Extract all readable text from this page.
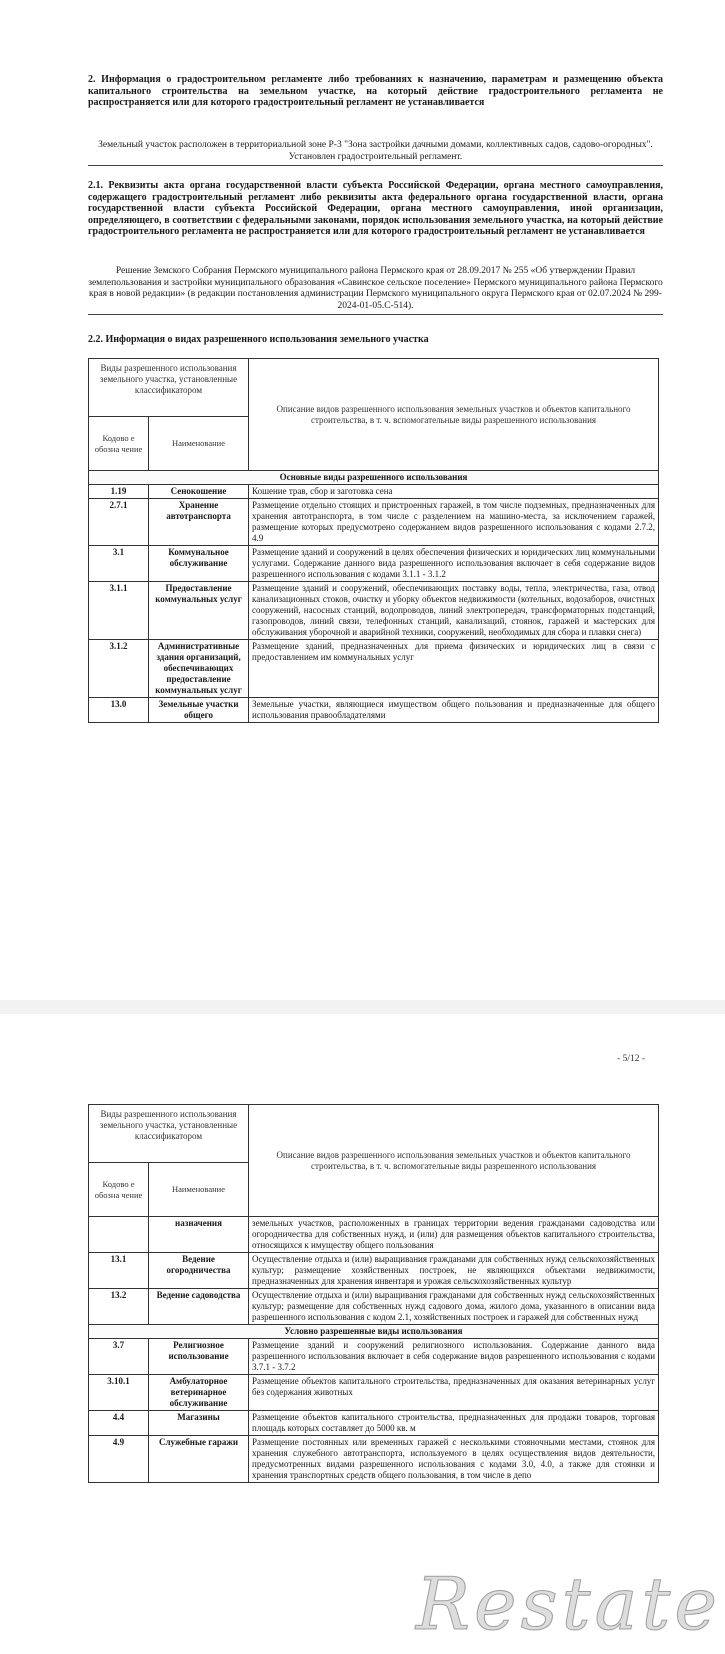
2. Информация о градостроительном регламенте либо требованиях к назначению, параметрам и размещению объекта капитального строительства на земельном участке, на который действие градостроительного регламента не распространяется или для которого градостроительный регламент не устанавливается
Земельный участок расположен в территориальной зоне Р-3 "Зона застройки дачными домами, коллективных садов, садово-огородных". Установлен градостроительный регламент.
2.1. Реквизиты акта органа государственной власти субъекта Российской Федерации, органа местного самоуправления, содержащего градостроительный регламент либо реквизиты акта федерального органа государственной власти, органа государственной власти субъекта Российской Федерации, органа местного самоуправления, иной организации, определяющего, в соответствии с федеральными законами, порядок использования земельного участка, на который действие градостроительного регламента не распространяется или для которого градостроительный регламент не устанавливается
Решение Земского Собрания Пермского муниципального района Пермского края от 28.09.2017 № 255 «Об утверждении Правил землепользования и застройки муниципального образования «Савинское сельское поселение» Пермского муниципального района Пермского края в новой редакции» (в редакции постановления администрации Пермского муниципального округа Пермского края от 02.07.2024 № 299-2024-01-05.С-514).
2.2. Информация о видах разрешенного использования земельного участка
Виды разрешенного использования земельного участка, установленные классификатором		Описание видов разрешенного использования земельных участков и объектов капитального строительства, в т. ч. вспомогательные виды разрешенного использования
Кодово е обозна чение	Наименование	
Основные виды разрешенного использования		
1.19	Сенокошение	Кошение трав, сбор и заготовка сена
2.7.1	Хранение автотранспорта	Размещение отдельно стоящих и пристроенных гаражей, в том числе подземных, предназначенных для хранения автотранспорта, в том числе с разделением на машино-места, за исключением гаражей, размещение которых предусмотрено содержанием видов разрешенного использования с кодами 2.7.2, 4.9
3.1	Коммунальное обслуживание	Размещение зданий и сооружений в целях обеспечения физических и юридических лиц коммунальными услугами. Содержание данного вида разрешенного использования включает в себя содержание видов разрешенного использования с кодами 3.1.1 - 3.1.2
3.1.1	Предоставление коммунальных услуг	Размещение зданий и сооружений, обеспечивающих поставку воды, тепла, электричества, газа, отвод канализационных стоков, очистку и уборку объектов недвижимости (котельных, водозаборов, очистных сооружений, насосных станций, водопроводов, линий электропередач, трансформаторных подстанций, газопроводов, линий связи, телефонных станций, канализаций, стоянок, гаражей и мастерских для обслуживания уборочной и аварийной техники, сооружений, необходимых для сбора и плавки снега)
3.1.2	Административные здания организаций, обеспечивающих предоставление коммунальных услуг	Размещение зданий, предназначенных для приема физических и юридических лиц в связи с предоставлением им коммунальных услуг
13.0	Земельные участки общего	Земельные участки, являющиеся имуществом общего пользования и предназначенные для общего использования правообладателями
- 5/12 -
Виды разрешенного использования земельного участка, установленные классификатором		Описание видов разрешенного использования земельных участков и объектов капитального строительства, в т. ч. вспомогательные виды разрешенного использования
Кодово е обозна чение	Наименование	
	назначения	земельных участков, расположенных в границах территории ведения гражданами садоводства или огородничества для собственных нужд, и (или) для размещения объектов капитального строительства, относящихся к имуществу общего пользования
13.1	Ведение огородничества	Осуществление отдыха и (или) выращивания гражданами для собственных нужд сельскохозяйственных культур; размещение хозяйственных построек, не являющихся объектами недвижимости, предназначенных для хранения инвентаря и урожая сельскохозяйственных культур
13.2	Ведение садоводства	Осуществление отдыха и (или) выращивания гражданами для собственных нужд сельскохозяйственных культур; размещение для собственных нужд садового дома, жилого дома, указанного в описании вида разрешенного использования с кодом 2.1, хозяйственных построек и гаражей для собственных нужд
Условно разрешенные виды использования		
3.7	Религиозное использование	Размещение зданий и сооружений религиозного использования. Содержание данного вида разрешенного использования включает в себя содержание видов разрешенного использования с кодами 3.7.1 - 3.7.2
3.10.1	Амбулаторное ветеринарное обслуживание	Размещение объектов капитального строительства, предназначенных для оказания ветеринарных услуг без содержания животных
4.4	Магазины	Размещение объектов капитального строительства, предназначенных для продажи товаров, торговая площадь которых составляет до 5000 кв. м
4.9	Служебные гаражи	Размещение постоянных или временных гаражей с несколькими стояночными местами, стоянок для хранения служебного автотранспорта, используемого в целях осуществления видов деятельности, предусмотренных видами разрешенного использования с кодами 3.0, 4.0, а также для стоянки и хранения транспортных средств общего пользования, в том числе в депо
Restate
